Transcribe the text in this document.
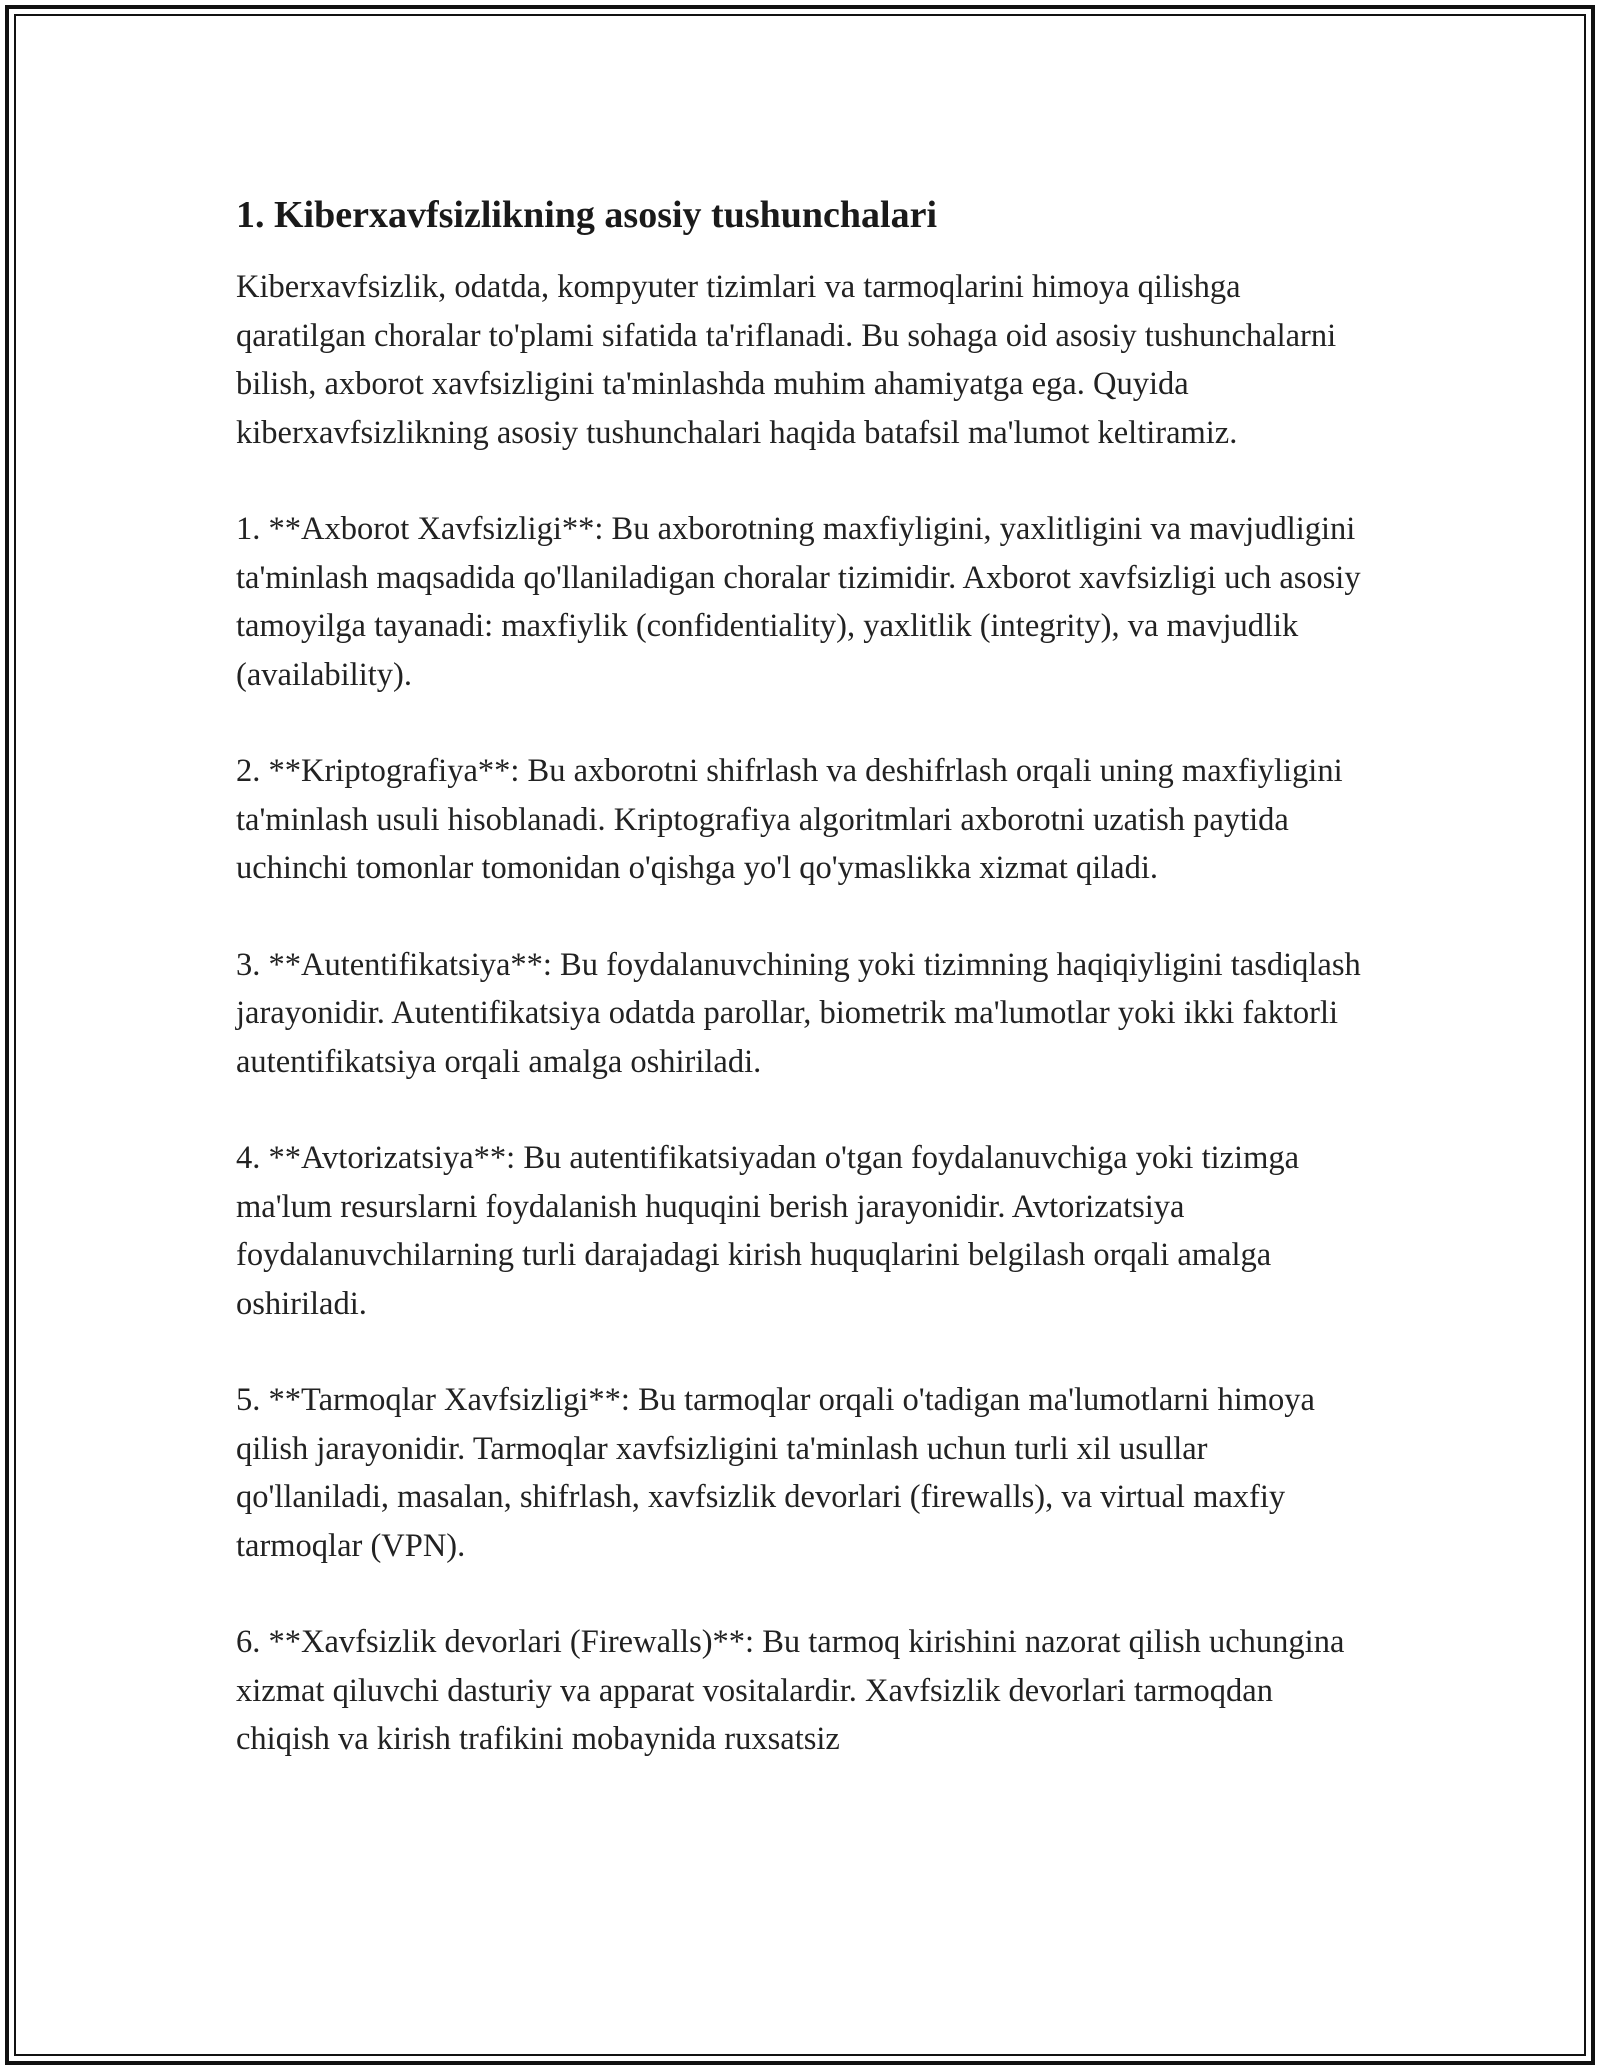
1. Kiberxavfsizlikning asosiy tushunchalari

Kiberxavfsizlik, odatda, kompyuter tizimlari va tarmoqlarini himoya qilishga qaratilgan choralar to'plami sifatida ta'riflanadi. Bu sohaga oid asosiy tushunchalarni bilish, axborot xavfsizligini ta'minlashda muhim ahamiyatga ega. Quyida kiberxavfsizlikning asosiy tushunchalari haqida batafsil ma'lumot keltiramiz.

1. **Axborot Xavfsizligi**: Bu axborotning maxfiyligini, yaxlitligini va mavjudligini ta'minlash maqsadida qo'llaniladigan choralar tizimidir. Axborot xavfsizligi uch asosiy tamoyilga tayanadi: maxfiylik (confidentiality), yaxlitlik (integrity), va mavjudlik (availability).

2. **Kriptografiya**: Bu axborotni shifrlash va deshifrlash orqali uning maxfiyligini ta'minlash usuli hisoblanadi. Kriptografiya algoritmlari axborotni uzatish paytida uchinchi tomonlar tomonidan o'qishga yo'l qo'ymaslikka xizmat qiladi.

3. **Autentifikatsiya**: Bu foydalanuvchining yoki tizimning haqiqiyligini tasdiqlash jarayonidir. Autentifikatsiya odatda parollar, biometrik ma'lumotlar yoki ikki faktorli autentifikatsiya orqali amalga oshiriladi.

4. **Avtorizatsiya**: Bu autentifikatsiyadan o'tgan foydalanuvchiga yoki tizimga ma'lum resurslarni foydalanish huquqini berish jarayonidir. Avtorizatsiya foydalanuvchilarning turli darajadagi kirish huquqlarini belgilash orqali amalga oshiriladi.

5. **Tarmoqlar Xavfsizligi**: Bu tarmoqlar orqali o'tadigan ma'lumotlarni himoya qilish jarayonidir. Tarmoqlar xavfsizligini ta'minlash uchun turli xil usullar qo'llaniladi, masalan, shifrlash, xavfsizlik devorlari (firewalls), va virtual maxfiy tarmoqlar (VPN).

6. **Xavfsizlik devorlari (Firewalls)**: Bu tarmoq kirishini nazorat qilish uchungina xizmat qiluvchi dasturiy va apparat vositalardir. Xavfsizlik devorlari tarmoqdan chiqish va kirish trafikini mobaynida ruxsatsiz
